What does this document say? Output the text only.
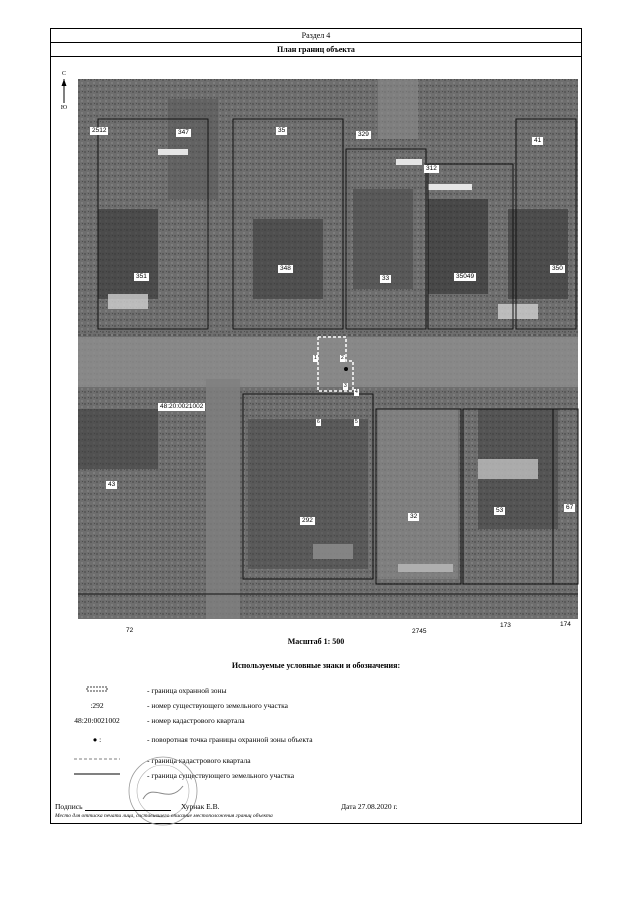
Раздел 4
План границ объекта
С
Ю
2512	347	35
329
41
312
351
348
33	35049
350
48:20:0021002
43
292
32
53	67
72	2745
173	174
1	2
3
4
5
6
Масштаб 1: 500
Используемые условные знаки и обозначения:
- граница охранной зоны
:292	- номер существующего земельного участка
48:20:0021002	- номер кадастрового квартала
● :	- поворотная точка границы охранной зоны объекта
- граница кадастрового квартала
- граница существующего земельного участка
Подпись	Хурнак Е.В.	Дата 27.08.2020 г.
Место для оттиска печати лица, составившего описание местоположения границ объекта
